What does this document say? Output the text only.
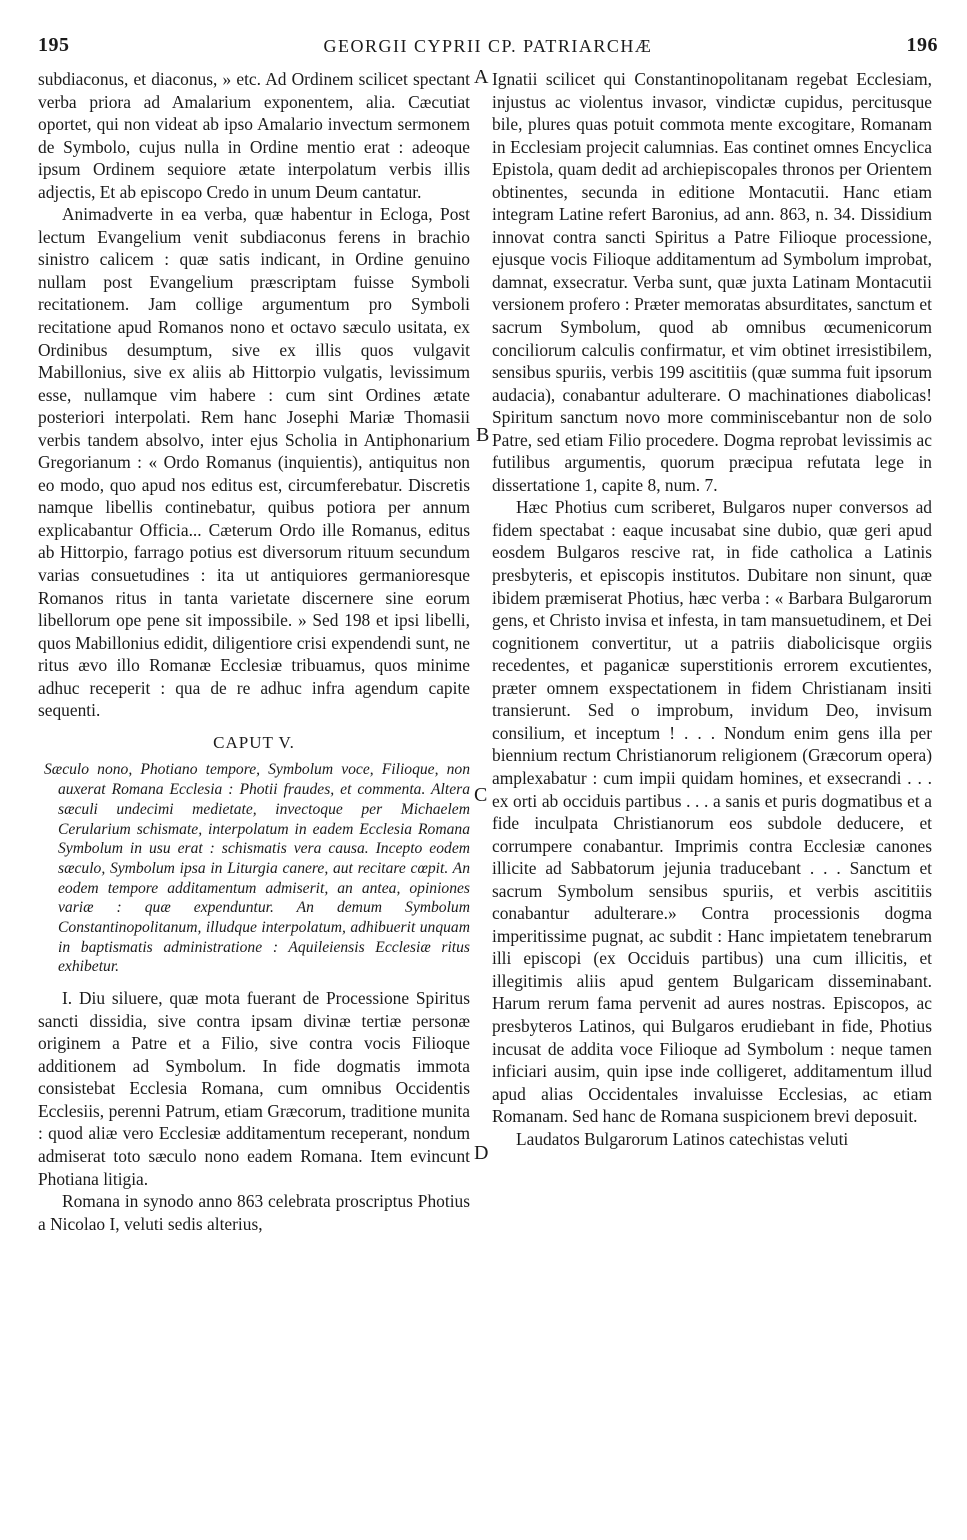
195	GEORGII CYPRII CP. PATRIARCHÆ	196
A
B
C
D

subdiaconus, et diaconus, » etc. Ad Ordinem scilicet spectant verba priora ad Amalarium exponentem, alia. Cæcutiat oportet, qui non videat ab ipso Amalario invectum sermonem de Symbolo, cujus nulla in Ordine mentio erat : adeoque ipsum Ordinem sequiore ætate interpolatum verbis illis adjectis, Et ab episcopo Credo in unum Deum cantatur.

Animadverte in ea verba, quæ habentur in Ecloga, Post lectum Evangelium venit subdiaconus ferens in brachio sinistro calicem : quæ satis indicant, in Ordine genuino nullam post Evangelium præscriptam fuisse Symboli recitationem. Jam collige argumentum pro Symboli recitatione apud Romanos nono et octavo sæculo usitata, ex Ordinibus desumptum, sive ex illis quos vulgavit Mabillonius, sive ex aliis ab Hittorpio vulgatis, levissimum esse, nullamque vim habere : cum sint Ordines ætate posteriori interpolati. Rem hanc Josephi Mariæ Thomasii verbis tandem absolvo, inter ejus Scholia in Antiphonarium Gregorianum : « Ordo Romanus (inquientis), antiquitus non eo modo, quo apud nos editus est, circumferebatur. Discretis namque libellis continebatur, quibus potiora per annum explicabantur Officia... Cæterum Ordo ille Romanus, editus ab Hittorpio, farrago potius est diversorum rituum secundum varias consuetudines : ita ut antiquiores germanioresque Romanos ritus in tanta varietate discernere sine eorum libellorum ope pene sit impossibile. » Sed 198 et ipsi libelli, quos Mabillonius edidit, diligentiore crisi expendendi sunt, ne ritus ævo illo Romanæ Ecclesiæ tribuamus, quos minime adhuc receperit : qua de re adhuc infra agendum capite sequenti.

CAPUT V.

Sæculo nono, Photiano tempore, Symbolum voce, Filioque, non auxerat Romana Ecclesia : Photii fraudes, et commenta. Altera sæculi undecimi medietate, invectoque per Michaelem Cerularium schismate, interpolatum in eadem Ecclesia Romana Symbolum in usu erat : schismatis vera causa. Incepto eodem sæculo, Symbolum ipsa in Liturgia canere, aut recitare cœpit. An eodem tempore additamentum admiserit, an antea, opiniones variæ : quæ expenduntur. An demum Symbolum Constantinopolitanum, illudque interpolatum, adhibuerit unquam in baptismatis administratione : Aquileiensis Ecclesiæ ritus exhibetur.

I. Diu siluere, quæ mota fuerant de Processione Spiritus sancti dissidia, sive contra ipsam divinæ tertiæ personæ originem a Patre et a Filio, sive contra vocis Filioque additionem ad Symbolum. In fide dogmatis immota consistebat Ecclesia Romana, cum omnibus Occidentis Ecclesiis, perenni Patrum, etiam Græcorum, traditione munita : quod aliæ vero Ecclesiæ additamentum receperant, nondum admiserat toto sæculo nono eadem Romana. Item evincunt Photiana litigia.

Romana in synodo anno 863 celebrata proscriptus Photius a Nicolao I, veluti sedis alterius,

Ignatii scilicet qui Constantinopolitanam regebat Ecclesiam, injustus ac violentus invasor, vindictæ cupidus, percitusque bile, plures quas potuit commota mente excogitare, Romanam in Ecclesiam projecit calumnias. Eas continet omnes Encyclica Epistola, quam dedit ad archiepiscopales thronos per Orientem obtinentes, secunda in editione Montacutii. Hanc etiam integram Latine refert Baronius, ad ann. 863, n. 34. Dissidium innovat contra sancti Spiritus a Patre Filioque processione, ejusque vocis Filioque additamentum ad Symbolum improbat, damnat, exsecratur. Verba sunt, quæ juxta Latinam Montacutii versionem profero : Præter memoratas absurditates, sanctum et sacrum Symbolum, quod ab omnibus œcumenicorum conciliorum calculis confirmatur, et vim obtinet irresistibilem, sensibus spuriis, verbis 199 ascititiis (quæ summa fuit ipsorum audacia), conabantur adulterare. O machinationes diabolicas! Spiritum sanctum novo more comminiscebantur non de solo Patre, sed etiam Filio procedere. Dogma reprobat levissimis ac futilibus argumentis, quorum præcipua refutata lege in dissertatione 1, capite 8, num. 7.

Hæc Photius cum scriberet, Bulgaros nuper conversos ad fidem spectabat : eaque incusabat sine dubio, quæ geri apud eosdem Bulgaros rescive rat, in fide catholica a Latinis presbyteris, et episcopis institutos. Dubitare non sinunt, quæ ibidem præmiserat Photius, hæc verba : « Barbara Bulgarorum gens, et Christo invisa et infesta, in tam mansuetudinem, et Dei cognitionem convertitur, ut a patriis diabolicisque orgiis recedentes, et paganicæ superstitionis errorem excutientes, præter omnem exspectationem in fidem Christianam insiti transierunt. Sed o improbum, invidum Deo, invisum consilium, et inceptum ! . . . Nondum enim gens illa per biennium rectum Christianorum religionem (Græcorum opera) amplexabatur : cum impii quidam homines, et exsecrandi . . . ex orti ab occiduis partibus . . . a sanis et puris dogmatibus et a fide inculpata Christianorum eos subdole deducere, et corrumpere conabantur. Imprimis contra Ecclesiæ canones illicite ad Sabbatorum jejunia traducebant . . . Sanctum et sacrum Symbolum sensibus spuriis, et verbis ascititiis conabantur adulterare.» Contra processionis dogma imperitissime pugnat, ac subdit : Hanc impietatem tenebrarum illi episcopi (ex Occiduis partibus) una cum illicitis, et illegitimis aliis apud gentem Bulgaricam disseminabant. Harum rerum fama pervenit ad aures nostras. Episcopos, ac presbyteros Latinos, qui Bulgaros erudiebant in fide, Photius incusat de addita voce Filioque ad Symbolum : neque tamen inficiari ausim, quin ipse inde colligeret, additamentum illud apud alias Occidentales invaluisse Ecclesias, ac etiam Romanam. Sed hanc de Romana suspicionem brevi deposuit.

Laudatos Bulgarorum Latinos catechistas veluti
